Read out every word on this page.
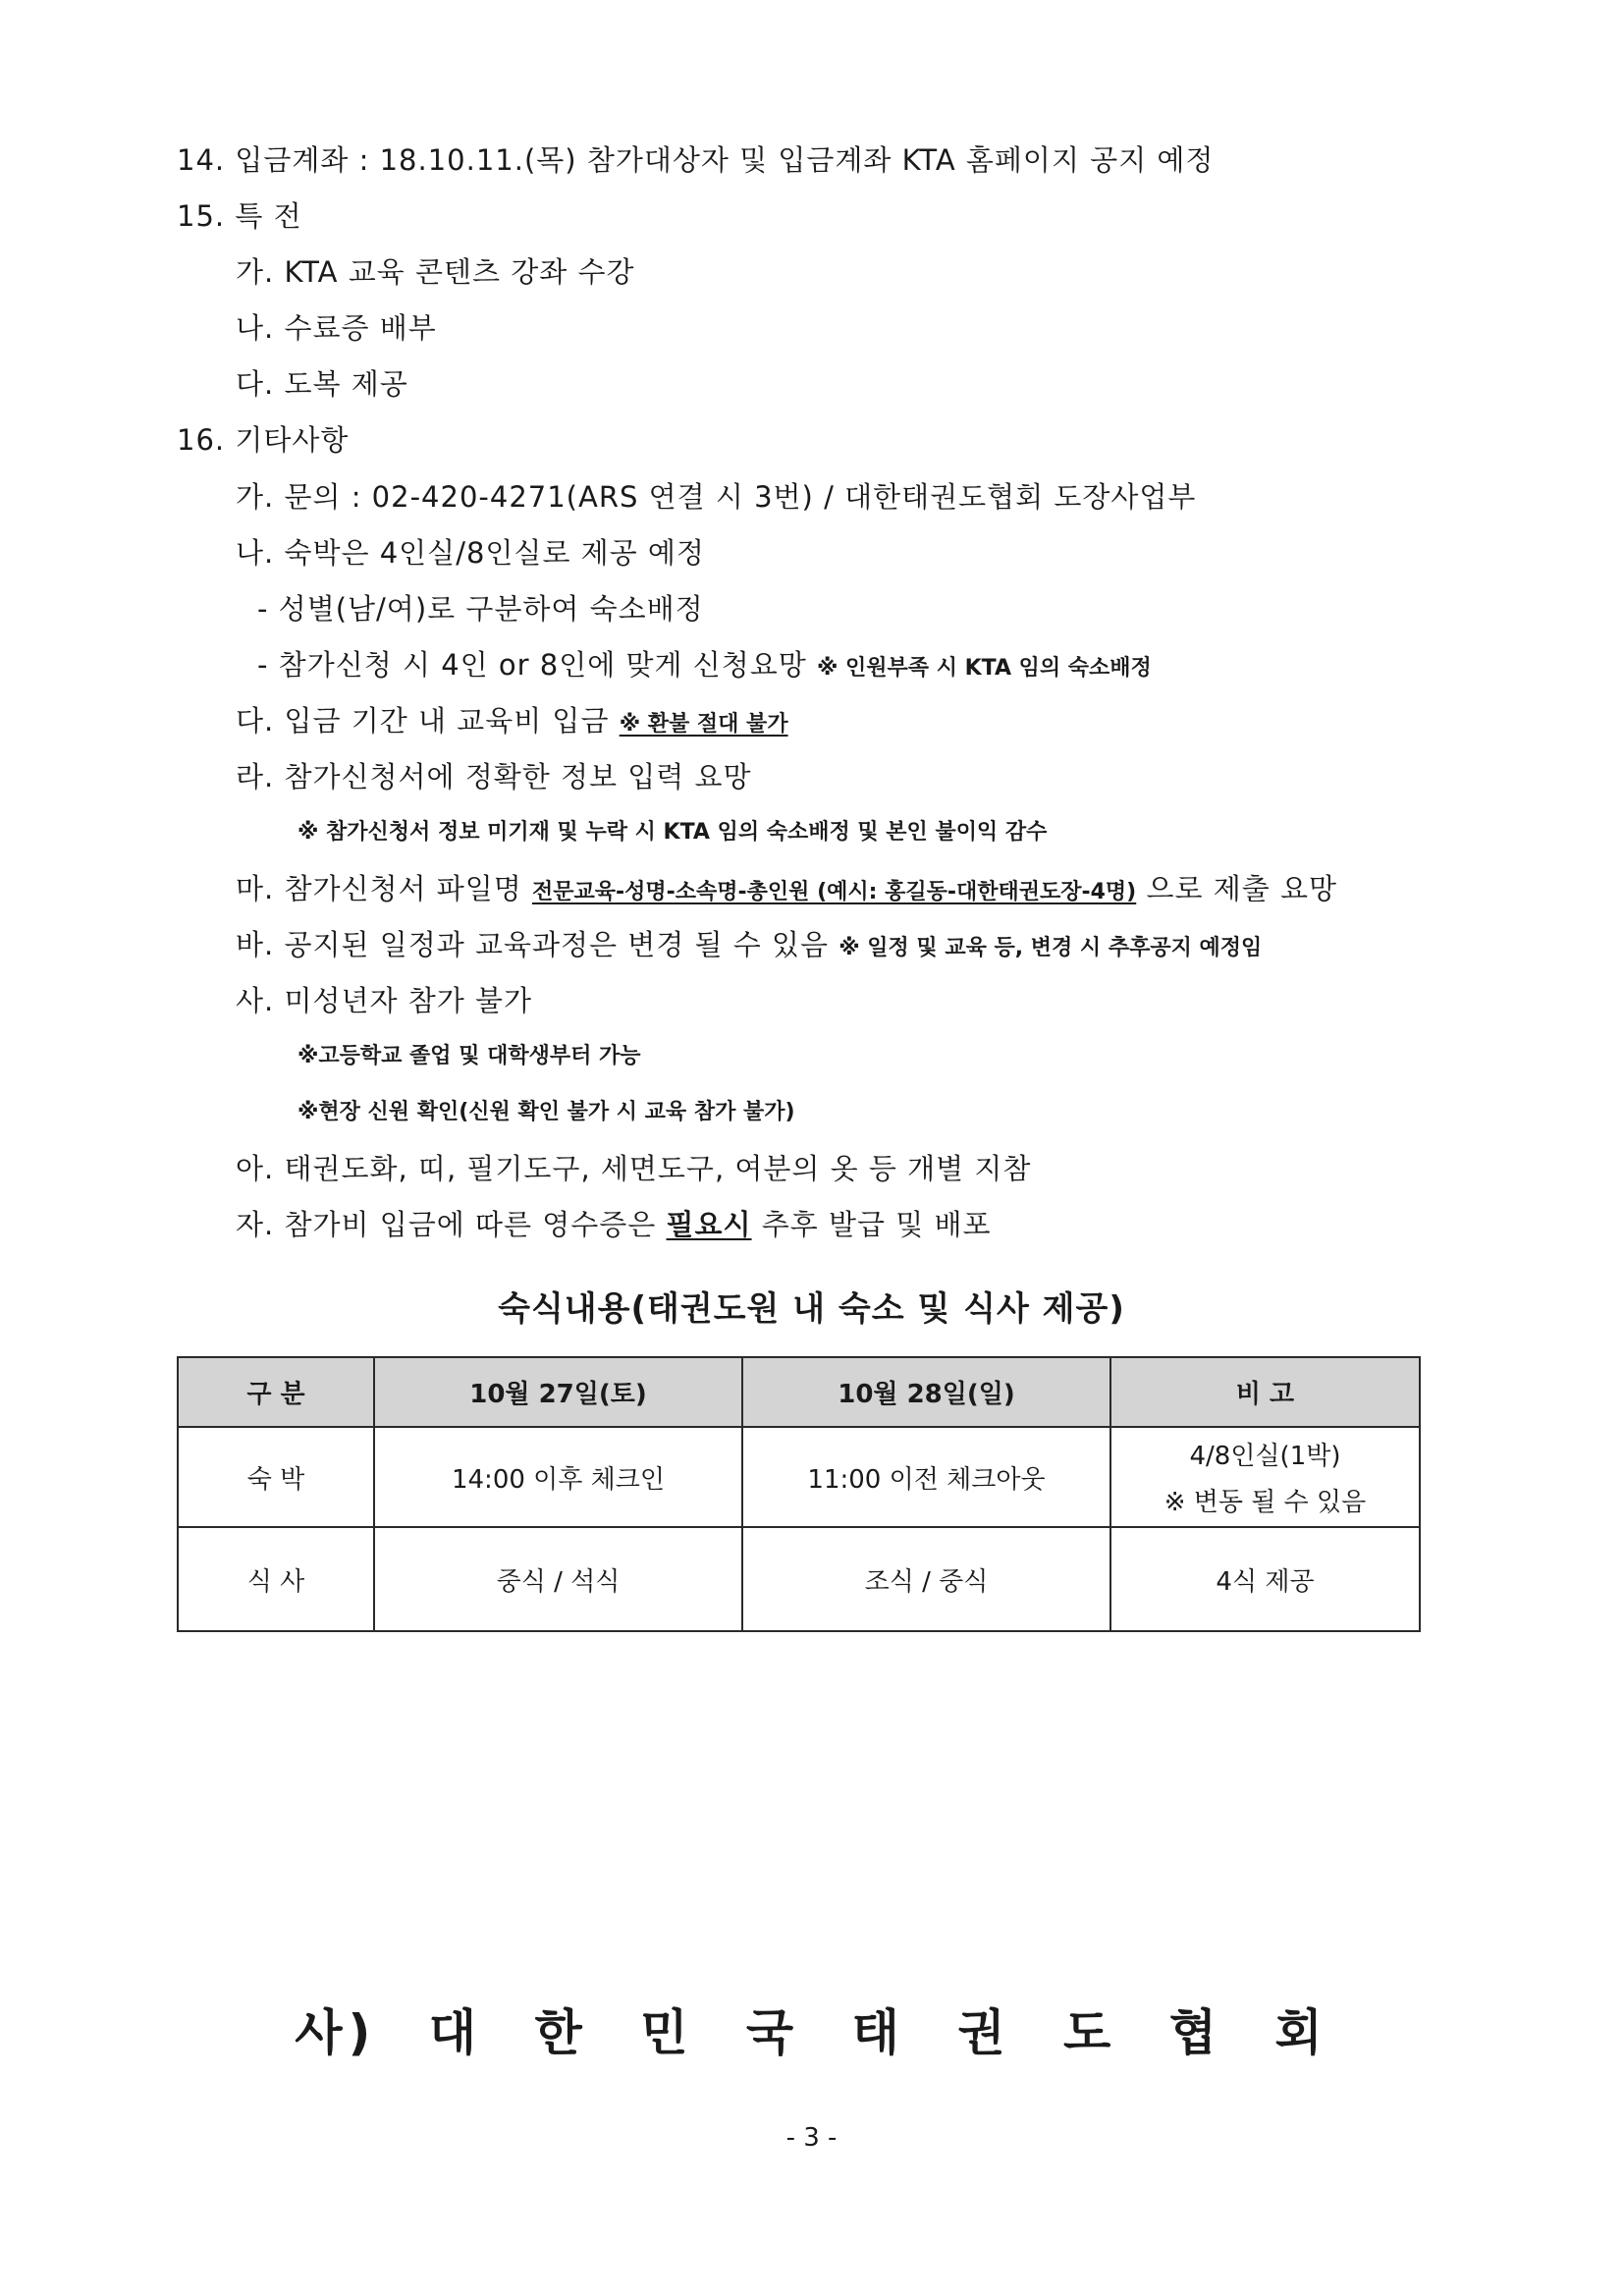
14. 입금계좌 : 18.10.11.(목) 참가대상자 및 입금계좌 KTA 홈페이지 공지 예정
15. 특 전
가. KTA 교육 콘텐츠 강좌 수강
나. 수료증 배부
다. 도복 제공
16. 기타사항
가. 문의 : 02-420-4271(ARS 연결 시 3번) / 대한태권도협회 도장사업부
나. 숙박은 4인실/8인실로 제공 예정
- 성별(남/여)로 구분하여 숙소배정
- 참가신청 시 4인 or 8인에 맞게 신청요망 ※ 인원부족 시 KTA 임의 숙소배정
다. 입금 기간 내 교육비 입금 ※ 환불 절대 불가
라. 참가신청서에 정확한 정보 입력 요망
※ 참가신청서 정보 미기재 및 누락 시 KTA 임의 숙소배정 및 본인 불이익 감수
마. 참가신청서 파일명 전문교육-성명-소속명-총인원 (예시: 홍길동-대한태권도장-4명) 으로 제출 요망
바. 공지된 일정과 교육과정은 변경 될 수 있음 ※ 일정 및 교육 등, 변경 시 추후공지 예정임
사. 미성년자 참가 불가
※고등학교 졸업 및 대학생부터 가능
※현장 신원 확인(신원 확인 불가 시 교육 참가 불가)
아. 태권도화, 띠, 필기도구, 세면도구, 여분의 옷 등 개별 지참
자. 참가비 입금에 따른 영수증은 필요시 추후 발급 및 배포
숙식내용(태권도원 내 숙소 및 식사 제공)
구 분	10월 27일(토)	10월 28일(일)	비 고
숙 박	14:00 이후 체크인	11:00 이전 체크아웃	4/8인실(1박)
※ 변동 될 수 있음

식 사	중식 / 석식	조식 / 중식	4식 제공
사) 대 한 민 국 태 권 도 협 회
- 3 -
